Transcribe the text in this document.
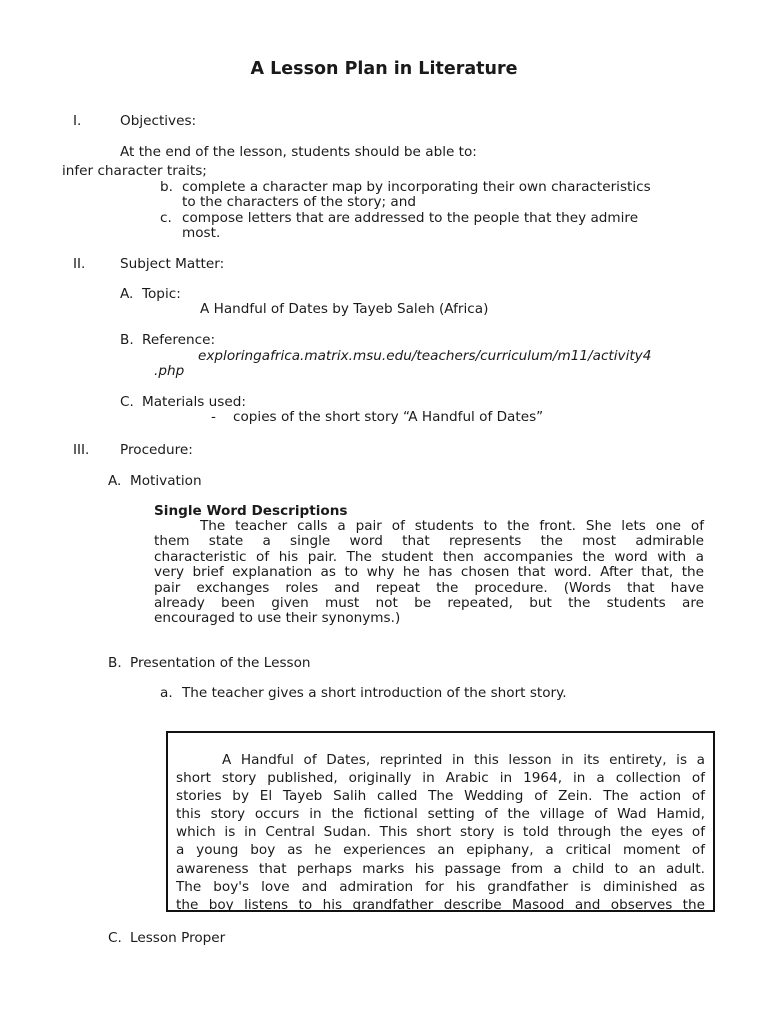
A Lesson Plan in Literature
I.	Objectives:
At the end of the lesson, students should be able to:
infer character traits;
b. complete a character map by incorporating their own characteristics
to the characters of the story; and
c. compose letters that are addressed to the people that they admire
most.
II.	Subject Matter:
A. Topic:
A Handful of Dates by Tayeb Saleh (Africa)
B. Reference:
exploringafrica.matrix.msu.edu/teachers/curriculum/m11/activity4
.php
C. Materials used:
- copies of the short story “A Handful of Dates”
III. Procedure:
A. Motivation
Single Word Descriptions
The teacher calls a pair of students to the front. She lets one of
them state a single word that represents the most admirable
characteristic of his pair. The student then accompanies the word with a
very brief explanation as to why he has chosen that word. After that, the
pair exchanges roles and repeat the procedure. (Words that have
already been given must not be repeated, but the students are
encouraged to use their synonyms.)
B. Presentation of the Lesson
a. The teacher gives a short introduction of the short story.
A Handful of Dates, reprinted in this lesson in its entirety, is a
short story published, originally in Arabic in 1964, in a collection of
stories by El Tayeb Salih called The Wedding of Zein. The action of
this story occurs in the fictional setting of the village of Wad Hamid,
which is in Central Sudan. This short story is told through the eyes of
a young boy as he experiences an epiphany, a critical moment of
awareness that perhaps marks his passage from a child to an adult.
The boy's love and admiration for his grandfather is diminished as
the boy listens to his grandfather describe Masood and observes the
C. Lesson Proper
